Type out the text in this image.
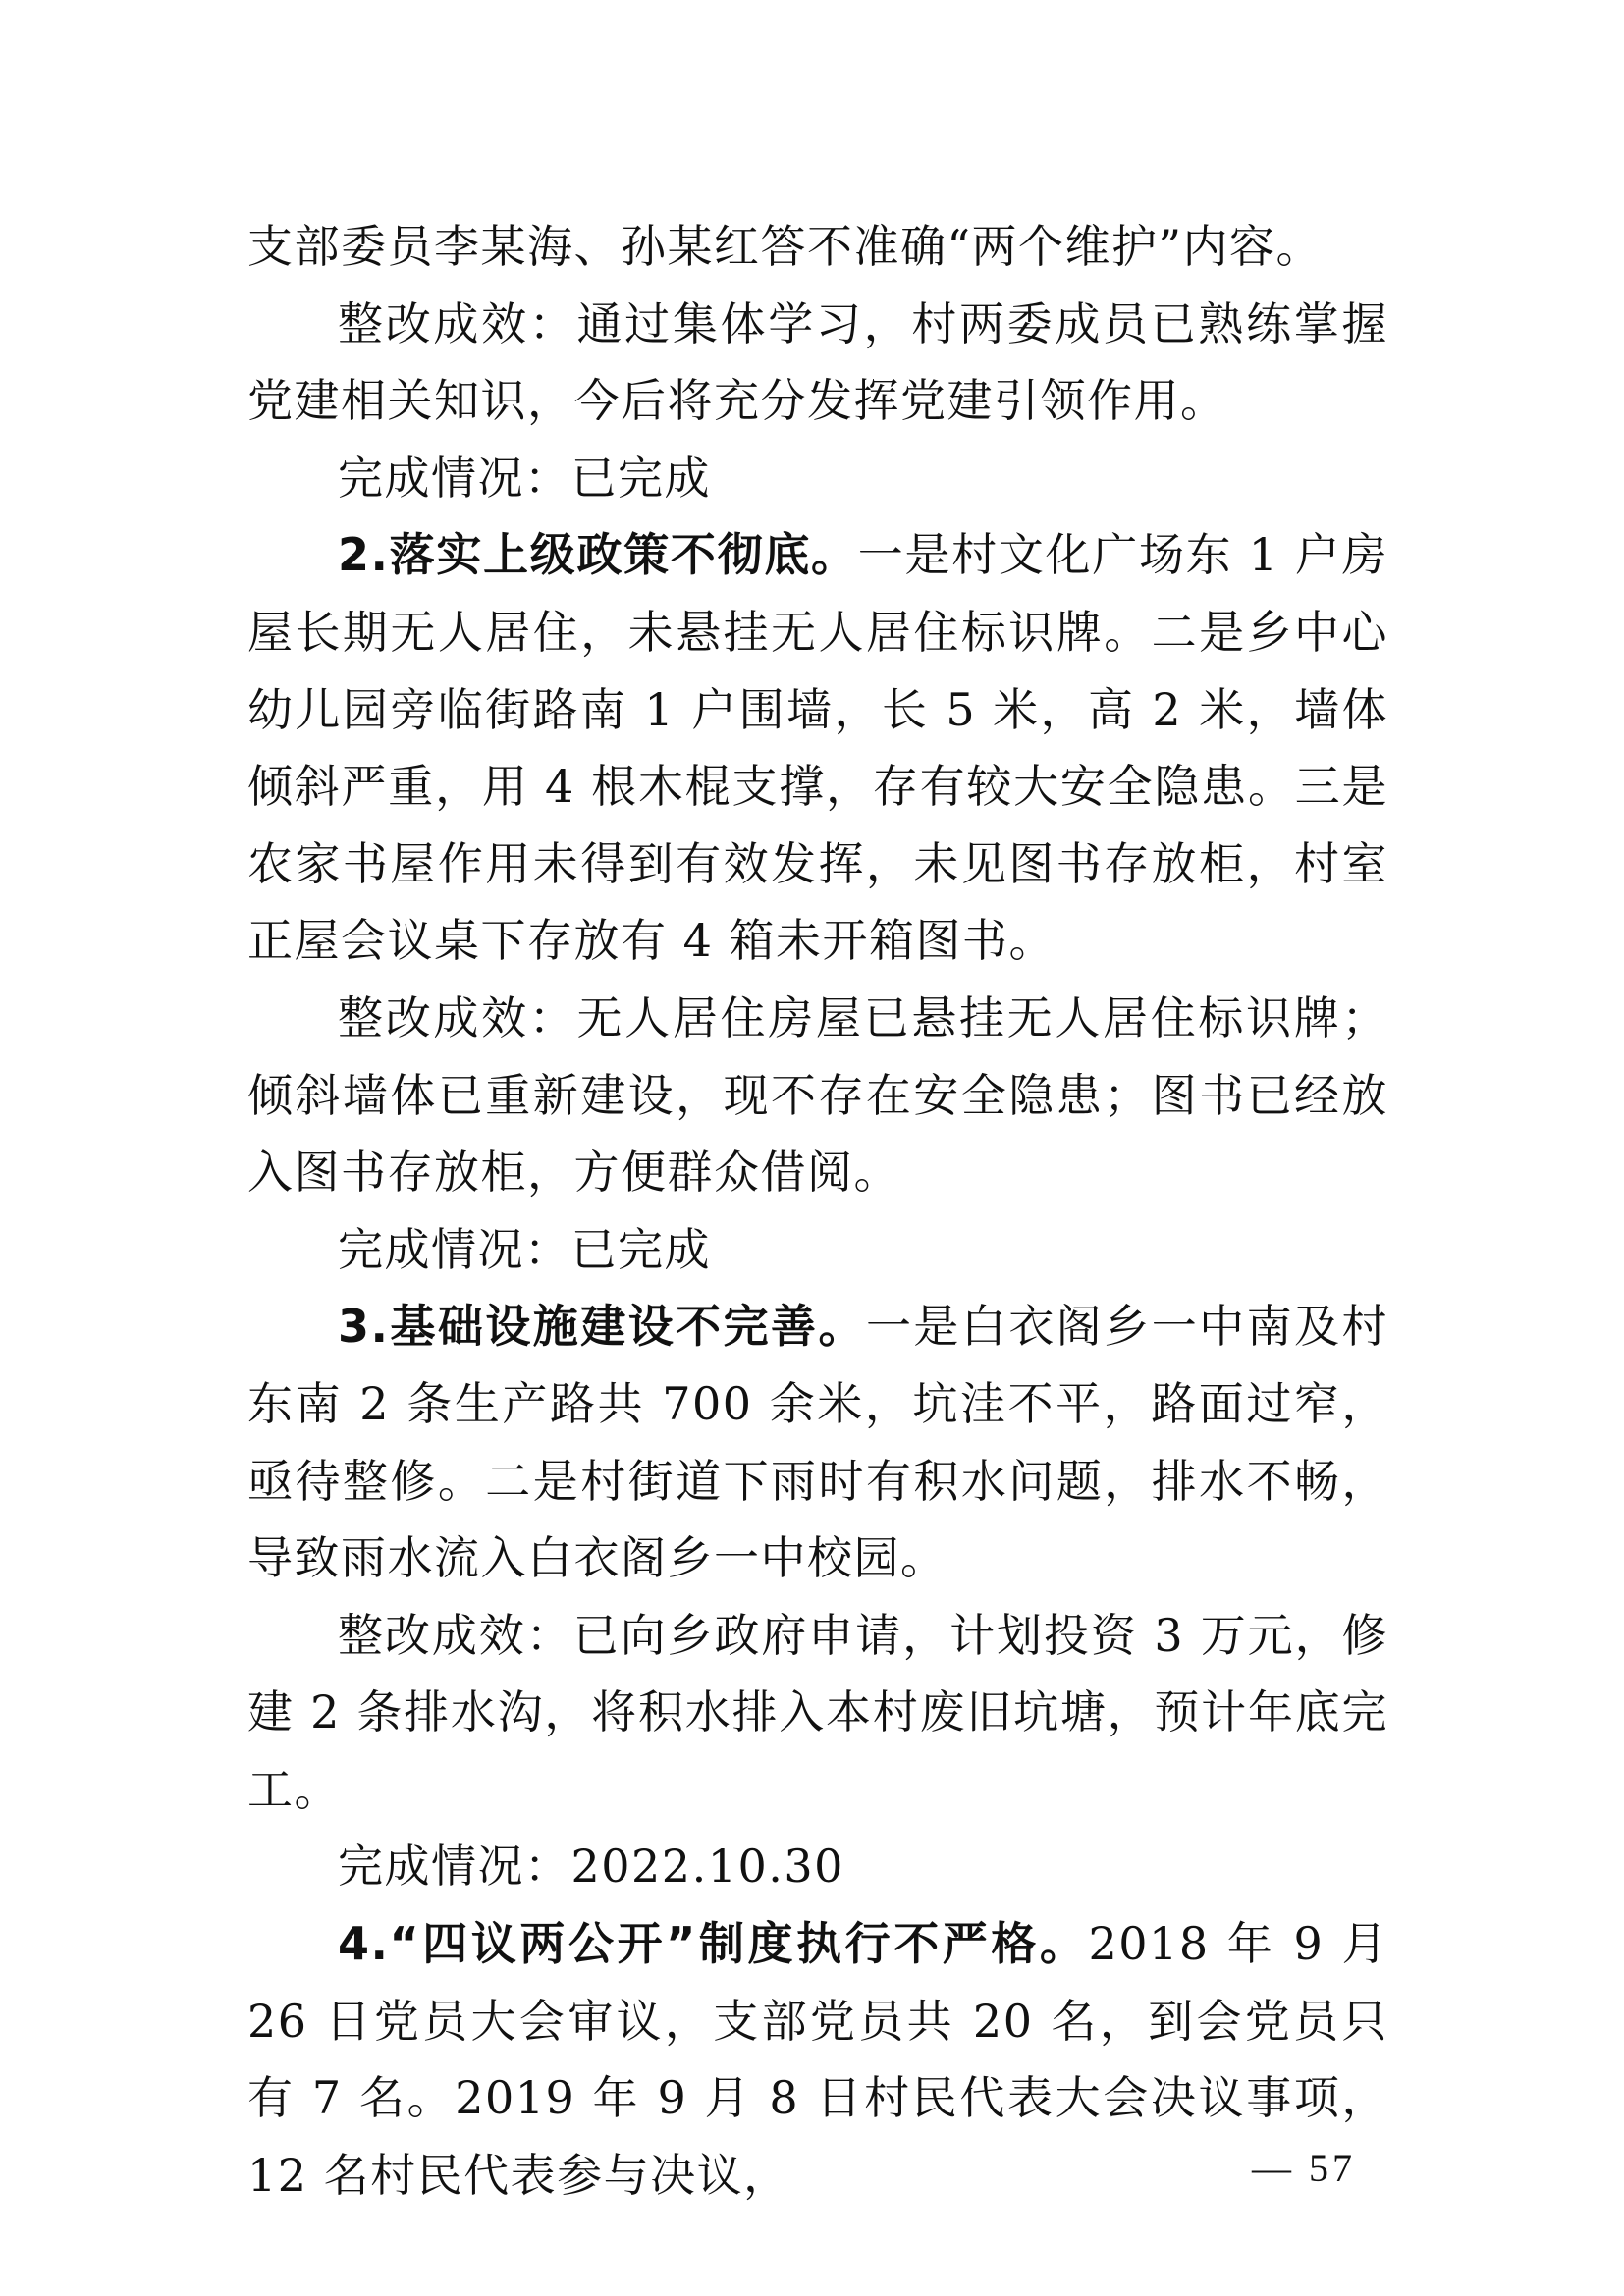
支部委员李某海、孙某红答不准确“两个维护”内容。

整改成效：通过集体学习，村两委成员已熟练掌握党建相关知识，今后将充分发挥党建引领作用。

完成情况：已完成

2.落实上级政策不彻底。一是村文化广场东 1 户房屋长期无人居住，未悬挂无人居住标识牌。二是乡中心幼儿园旁临街路南 1 户围墙，长 5 米，高 2 米，墙体倾斜严重，用 4 根木棍支撑，存有较大安全隐患。三是农家书屋作用未得到有效发挥，未见图书存放柜，村室正屋会议桌下存放有 4 箱未开箱图书。

整改成效：无人居住房屋已悬挂无人居住标识牌；倾斜墙体已重新建设，现不存在安全隐患；图书已经放入图书存放柜，方便群众借阅。

完成情况：已完成

3.基础设施建设不完善。一是白衣阁乡一中南及村东南 2 条生产路共 700 余米，坑洼不平，路面过窄，亟待整修。二是村街道下雨时有积水问题，排水不畅，导致雨水流入白衣阁乡一中校园。

整改成效：已向乡政府申请，计划投资 3 万元，修建 2 条排水沟，将积水排入本村废旧坑塘，预计年底完工。

完成情况：2022.10.30

4.“四议两公开”制度执行不严格。2018 年 9 月 26 日党员大会审议，支部党员共 20 名，到会党员只有 7 名。2019 年 9 月 8 日村民代表大会决议事项，12 名村民代表参与决议，	— 57
